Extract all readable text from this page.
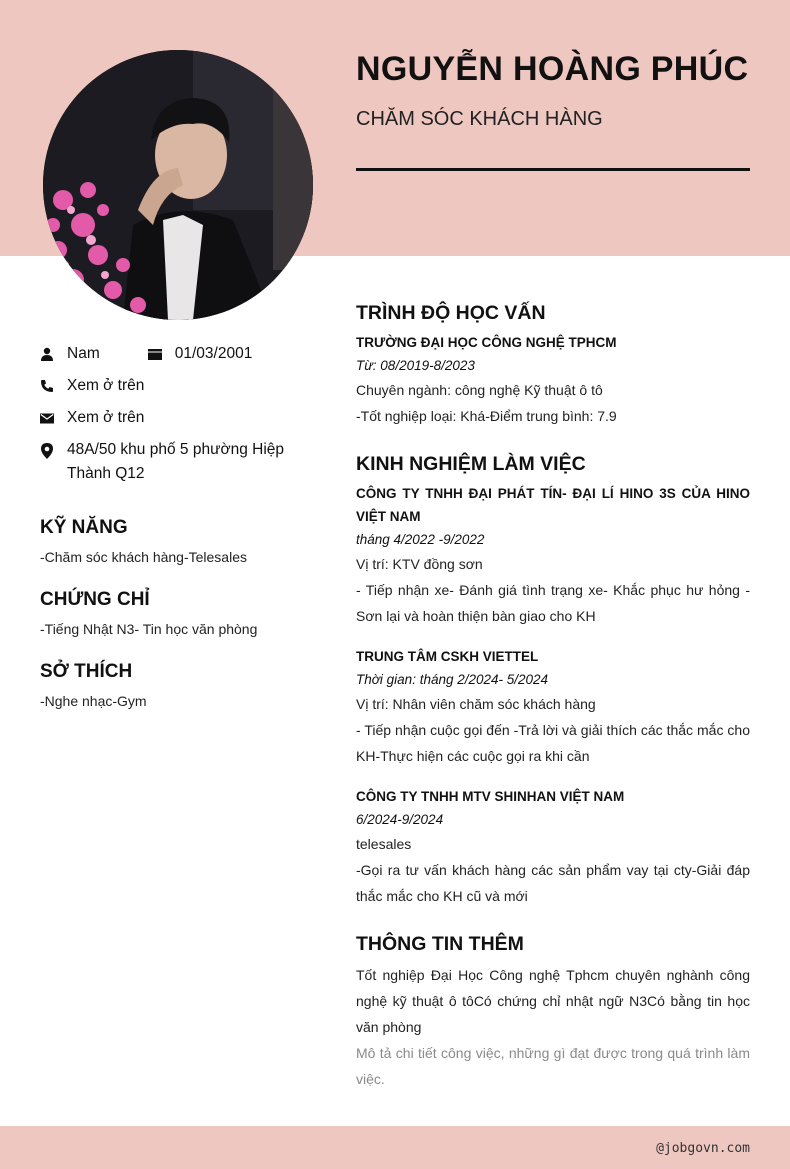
NGUYỄN HOÀNG PHÚC
CHĂM SÓC KHÁCH HÀNG
Nam	01/03/2001
Xem ở trên
Xem ở trên
48A/50 khu phố 5 phường Hiệp Thành Q12
KỸ NĂNG
-Chăm sóc khách hàng-Telesales
CHỨNG CHỈ
-Tiếng Nhật N3- Tin học văn phòng
SỞ THÍCH
-Nghe nhạc-Gym
TRÌNH ĐỘ HỌC VẤN
TRƯỜNG ĐẠI HỌC CÔNG NGHỆ TPHCM
Từ: 08/2019-8/2023
Chuyên ngành: công nghệ Kỹ thuật ô tô
-Tốt nghiệp loại: Khá-Điểm trung bình: 7.9
KINH NGHIỆM LÀM VIỆC
CÔNG TY TNHH ĐẠI PHÁT TÍN- ĐẠI LÍ HINO 3S CỦA HINO VIỆT NAM
tháng 4/2022 -9/2022
Vị trí: KTV đồng sơn
- Tiếp nhận xe- Đánh giá tình trạng xe- Khắc phục hư hỏng - Sơn lại và hoàn thiện bàn giao cho KH
TRUNG TÂM CSKH VIETTEL
Thời gian: tháng 2/2024- 5/2024
Vị trí: Nhân viên chăm sóc khách hàng
- Tiếp nhận cuộc gọi đến -Trả lời và giải thích các thắc mắc cho KH-Thực hiện các cuộc gọi ra khi cần
CÔNG TY TNHH MTV SHINHAN VIỆT NAM
6/2024-9/2024
telesales
-Gọi ra tư vấn khách hàng các sản phẩm vay tại cty-Giải đáp thắc mắc cho KH cũ và mới
THÔNG TIN THÊM
Tốt nghiệp Đại Học Công nghệ Tphcm chuyên nghành công nghệ kỹ thuật ô tôCó chứng chỉ nhật ngữ N3Có bằng tin học văn phòng
Mô tả chi tiết công việc, những gì đạt được trong quá trình làm việc.
@jobgovn.com
